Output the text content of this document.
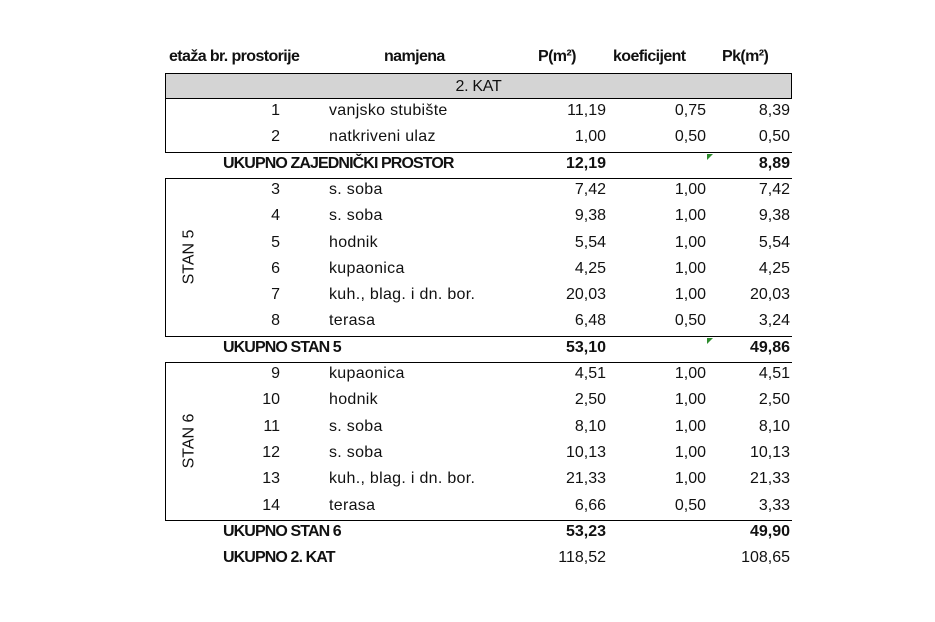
etaža br. prostorije	namjena	P(m²) koeficijent Pk(m²)
2. KAT
1	vanjsko stubište	11,19	0,75	8,39
2	natkriveni ulaz	1,00	0,50	0,50
UKUPNO ZAJEDNIČKI PROSTOR	12,19	8,89
3	s. soba	7,42	1,00	7,42
4	s. soba	9,38	1,00	9,38
5	hodnik	5,54	1,00	5,54
6	kupaonica	4,25	1,00	4,25
7	kuh., blag. i dn. bor.	20,03	1,00	20,03
8	terasa	6,48	0,50	3,24
STAN 5
UKUPNO STAN 5	53,10	49,86
9	kupaonica	4,51	1,00	4,51
10	hodnik	2,50	1,00	2,50
11	s. soba	8,10	1,00	8,10
12	s. soba	10,13	1,00	10,13
13	kuh., blag. i dn. bor.	21,33	1,00	21,33
14	terasa	6,66	0,50	3,33
STAN 6
UKUPNO STAN 6	53,23	49,90
UKUPNO 2. KAT	118,52	108,65
